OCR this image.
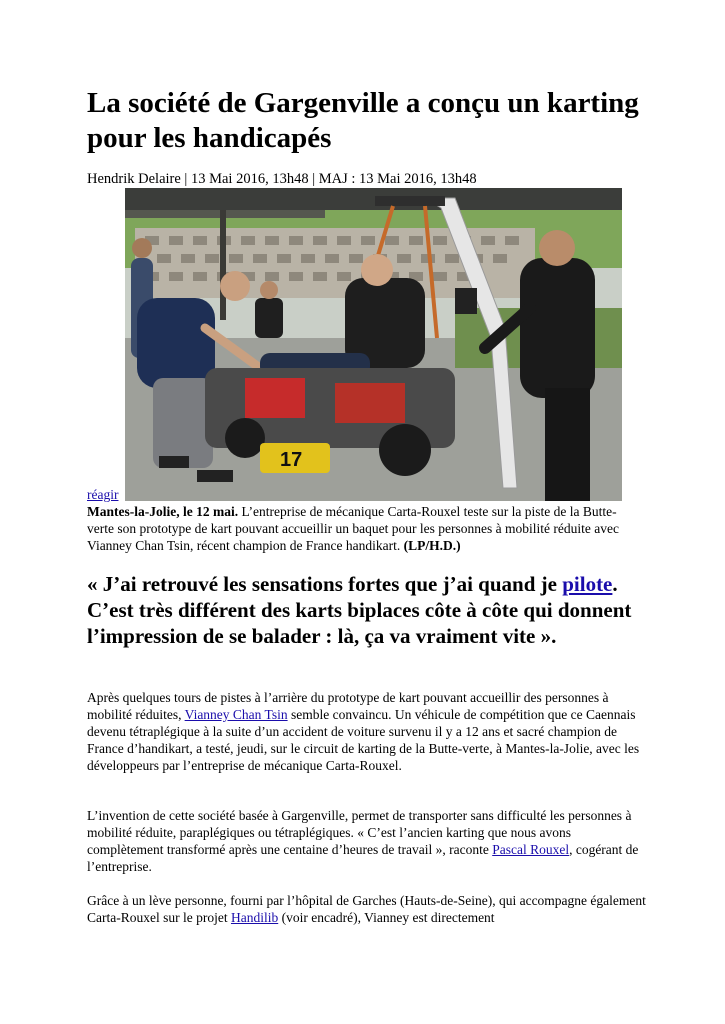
La société de Gargenville a conçu un karting pour les handicapés
Hendrik Delaire | 13 Mai 2016, 13h48 | MAJ : 13 Mai 2016, 13h48
17
réagir
Mantes-la-Jolie, le 12 mai. L’entreprise de mécanique Carta-Rouxel teste sur la piste de la Butte-verte son prototype de kart pouvant accueillir un baquet pour les personnes à mobilité réduite avec Vianney Chan Tsin, récent champion de France handikart. (LP/H.D.)
« J’ai retrouvé les sensations fortes que j’ai quand je pilote. C’est très différent des karts biplaces côte à côte qui donnent l’impression de se balader : là, ça va vraiment vite ».
Après quelques tours de pistes à l’arrière du prototype de kart pouvant accueillir des personnes à mobilité réduites, Vianney Chan Tsin semble convaincu. Un véhicule de compétition que ce Caennais devenu tétraplégique à la suite d’un accident de voiture survenu il y a 12 ans et sacré champion de France d’handikart, a testé, jeudi, sur le circuit de karting de la Butte-verte, à Mantes-la-Jolie, avec les développeurs par l’entreprise de mécanique Carta-Rouxel.
L’invention de cette société basée à Gargenville, permet de transporter sans difficulté les personnes à mobilité réduite, paraplégiques ou tétraplégiques. « C’est l’ancien karting que nous avons complètement transformé après une centaine d’heures de travail », raconte Pascal Rouxel, cogérant de l’entreprise.
Grâce à un lève personne, fourni par l’hôpital de Garches (Hauts-de-Seine), qui accompagne également Carta-Rouxel sur le projet Handilib (voir encadré), Vianney est directement
